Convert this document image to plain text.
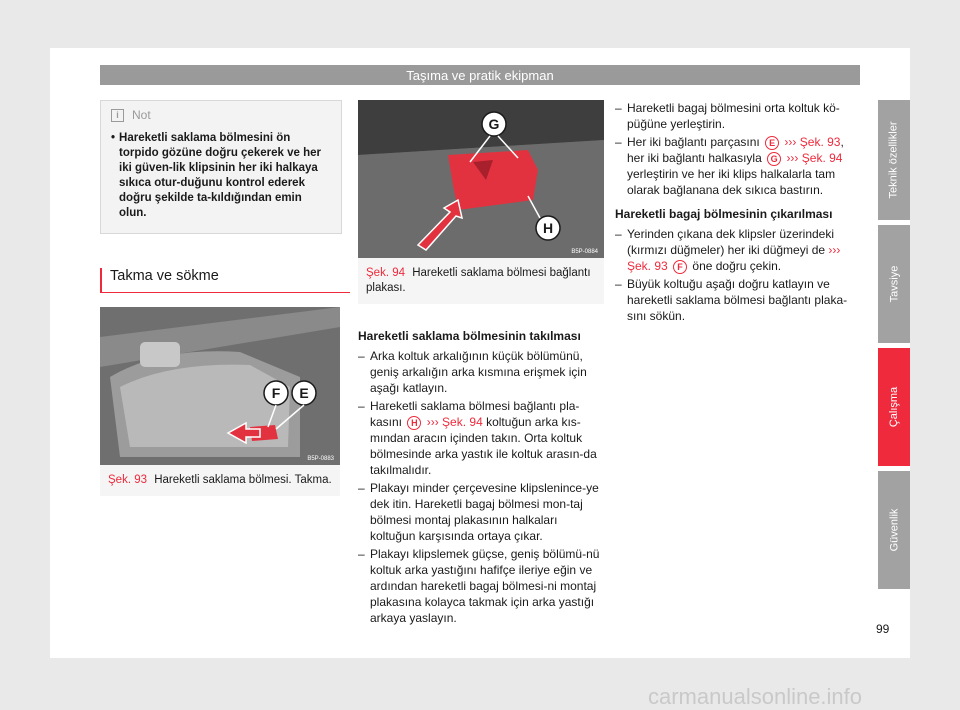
Taşıma ve pratik ekipman
i	Not
• Hareketli saklama bölmesini ön torpido gözüne doğru çekerek ve her iki güven-lik klipsinin her iki halkaya sıkıca otur-duğunu kontrol ederek doğru şekilde ta-kıldığından emin olun.
Takma ve sökme
F E
B5P-0883
Şek. 93 Hareketli saklama bölmesi. Takma.
G
H
B5P-0884
Şek. 94 Hareketli saklama bölmesi bağlantı plakası.
Hareketli saklama bölmesinin takılması
– Arka koltuk arkalığının küçük bölümünü, geniş arkalığın arka kısmına erişmek için aşağı katlayın.
– Hareketli saklama bölmesi bağlantı pla-kasını H ››› Şek. 94 koltuğun arka kıs-mından aracın içinden takın. Orta koltuk bölmesinde arka yastık ile koltuk arasın-da takılmalıdır.
– Plakayı minder çerçevesine klipslenince-ye dek itin. Hareketli bagaj bölmesi mon-taj bölmesi montaj plakasının halkaları koltuğun karşısında ortaya çıkar.
– Plakayı klipslemek güçse, geniş bölümü-nü koltuk arka yastığını hafifçe ileriye eğin ve ardından hareketli bagaj bölmesi-ni montaj plakasına kolayca takmak için arka yastığı arkaya yaslayın.
– Hareketli bagaj bölmesini orta koltuk kö-püğüne yerleştirin.
– Her iki bağlantı parçasını E ››› Şek. 93, her iki bağlantı halkasıyla G ››› Şek. 94 yerleştirin ve her iki klips halkalarla tam olarak bağlanana dek sıkıca bastırın.
Hareketli bagaj bölmesinin çıkarılması
– Yerinden çıkana dek klipsler üzerindeki (kırmızı düğmeler) her iki düğmeyi de ››› Şek. 93 F öne doğru çekin.
– Büyük koltuğu aşağı doğru katlayın ve hareketli saklama bölmesi bağlantı plaka-sını sökün.
Teknik özellikler
Tavsiye
Çalışma
Güvenlik
99
carmanualsonline.info
